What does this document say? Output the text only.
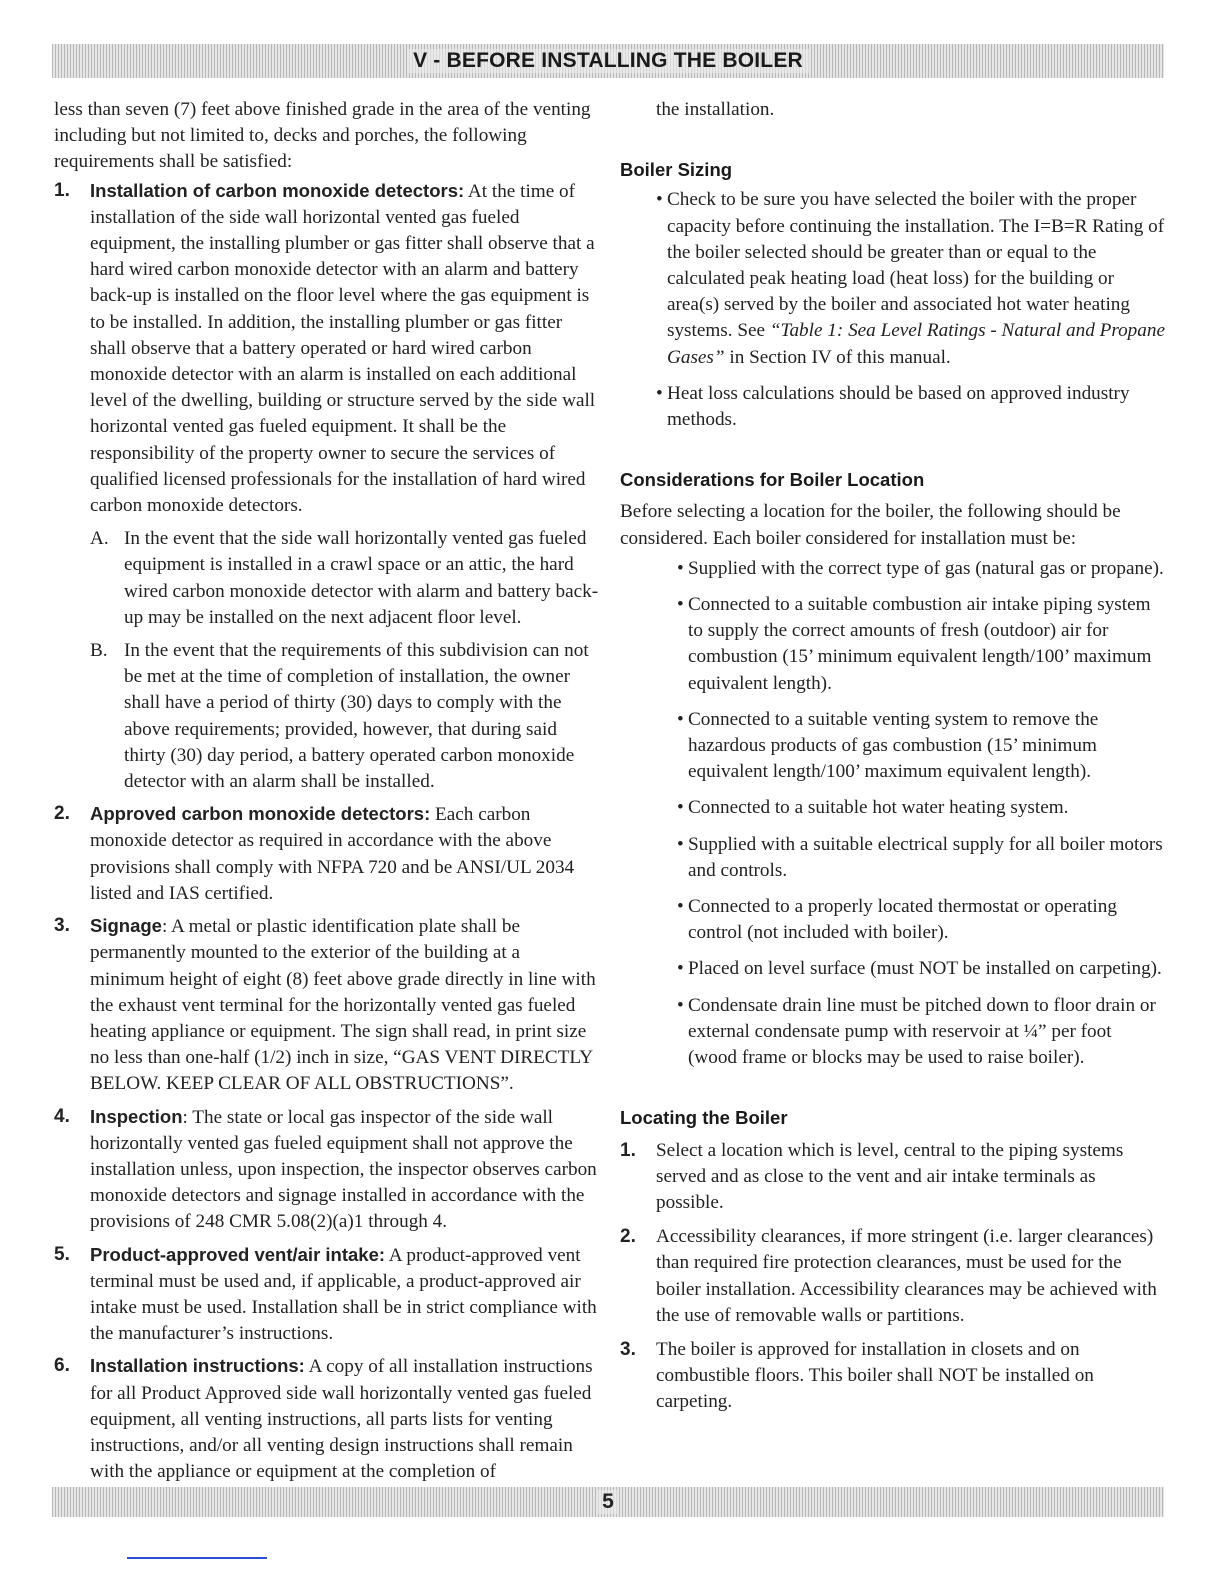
V - BEFORE INSTALLING THE BOILER

less than seven (7) feet above finished grade in the area of the venting including but not limited to, decks and porches, the following requirements shall be satisfied:

1.	Installation of carbon monoxide detectors: At the time of installation of the side wall horizontal vented gas fueled equipment, the installing plumber or gas fitter shall observe that a hard wired carbon monoxide detector with an alarm and battery back-up is installed on the floor level where the gas equipment is to be installed. In addition, the installing plumber or gas fitter shall observe that a battery operated or hard wired carbon monoxide detector with an alarm is installed on each additional level of the dwelling, building or structure served by the side wall horizontal vented gas fueled equipment. It shall be the responsibility of the property owner to secure the services of qualified licensed professionals for the installation of hard wired carbon monoxide detectors.

A. In the event that the side wall horizontally vented gas fueled equipment is installed in a crawl space or an attic, the hard wired carbon monoxide detector with alarm and battery back-up may be installed on the next adjacent floor level.
B. In the event that the requirements of this subdivision can not be met at the time of completion of installation, the owner shall have a period of thirty (30) days to comply with the above requirements; provided, however, that during said thirty (30) day period, a battery operated carbon monoxide detector with an alarm shall be installed.
2.	Approved carbon monoxide detectors: Each carbon monoxide detector as required in accordance with the above provisions shall comply with NFPA 720 and be ANSI/UL 2034 listed and IAS certified.

3.	Signage: A metal or plastic identification plate shall be permanently mounted to the exterior of the building at a minimum height of eight (8) feet above grade directly in line with the exhaust vent terminal for the horizontally vented gas fueled heating appliance or equipment. The sign shall read, in print size no less than one-half (1/2) inch in size, “GAS VENT DIRECTLY BELOW. KEEP CLEAR OF ALL OBSTRUCTIONS”.

4.	Inspection: The state or local gas inspector of the side wall horizontally vented gas fueled equipment shall not approve the installation unless, upon inspection, the inspector observes carbon monoxide detectors and signage installed in accordance with the provisions of 248 CMR 5.08(2)(a)1 through 4.

5.	Product-approved vent/air intake: A product-approved vent terminal must be used and, if applicable, a product-approved air intake must be used. Installation shall be in strict compliance with the manufacturer’s instructions.

6.	Installation instructions: A copy of all installation instructions for all Product Approved side wall horizontally vented gas fueled equipment, all venting instructions, all parts lists for venting instructions, and/or all venting design instructions shall remain with the appliance or equipment at the completion of

the installation.

Boiler Sizing
• Check to be sure you have selected the boiler with the proper capacity before continuing the installation. The I=B=R Rating of the boiler selected should be greater than or equal to the calculated peak heating load (heat loss) for the building or area(s) served by the boiler and associated hot water heating systems. See “Table 1: Sea Level Ratings - Natural and Propane Gases” in Section IV of this manual.

• Heat loss calculations should be based on approved industry methods.

Considerations for Boiler Location

Before selecting a location for the boiler, the following should be considered. Each boiler considered for installation must be:

• Supplied with the correct type of gas (natural gas or propane).

• Connected to a suitable combustion air intake piping system to supply the correct amounts of fresh (outdoor) air for combustion (15’ minimum equivalent length/100’ maximum equivalent length).

• Connected to a suitable venting system to remove the hazardous products of gas combustion (15’ minimum equivalent length/100’ maximum equivalent length).

• Connected to a suitable hot water heating system.

• Supplied with a suitable electrical supply for all boiler motors and controls.

• Connected to a properly located thermostat or operating control (not included with boiler).

• Placed on level surface (must NOT be installed on carpeting).

• Condensate drain line must be pitched down to floor drain or external condensate pump with reservoir at ¼” per foot (wood frame or blocks may be used to raise boiler).

Locating the Boiler
1.	Select a location which is level, central to the piping systems served and as close to the vent and air intake terminals as possible.

2.	Accessibility clearances, if more stringent (i.e. larger clearances) than required fire protection clearances, must be used for the boiler installation. Accessibility clearances may be achieved with the use of removable walls or partitions.

3.	The boiler is approved for installation in closets and on combustible floors. This boiler shall NOT be installed on carpeting.

5
